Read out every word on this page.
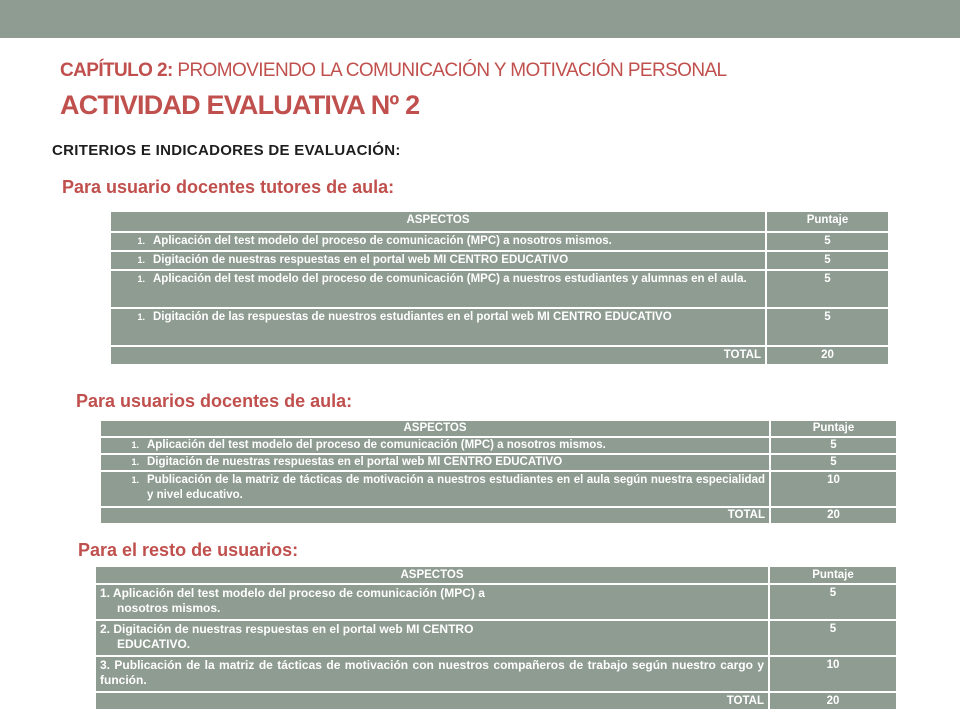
CAPÍTULO 2: PROMOVIENDO LA COMUNICACIÓN Y MOTIVACIÓN PERSONAL
ACTIVIDAD EVALUATIVA Nº 2
CRITERIOS E INDICADORES DE EVALUACIÓN:
Para usuario docentes tutores de aula:
ASPECTOS	Puntaje

1. Aplicación del test modelo del proceso de comunicación (MPC) a nosotros mismos.	5

1. Digitación de nuestras respuestas en el portal web MI CENTRO EDUCATIVO	5

1. Aplicación del test modelo del proceso de comunicación (MPC) a nuestros estudiantes y alumnas en el aula.	5

1. Digitación de las respuestas de nuestros estudiantes en el portal web MI CENTRO EDUCATIVO	5
TOTAL	20
Para usuarios docentes de aula:
ASPECTOS	Puntaje

1. Aplicación del test modelo del proceso de comunicación (MPC) a nosotros mismos.	5

1. Digitación de nuestras respuestas en el portal web MI CENTRO EDUCATIVO	5

1. Publicación de la matriz de tácticas de motivación a nuestros estudiantes en el aula según nuestra especialidad y nivel educativo.	10
TOTAL	20
Para el resto de usuarios:
ASPECTOS	Puntaje

1. Aplicación del test modelo del proceso de comunicación (MPC) a
nosotros mismos.	5

2. Digitación de nuestras respuestas en el portal web MI CENTRO
EDUCATIVO.	5
3. Publicación de la matriz de tácticas de motivación con nuestros compañeros de trabajo según nuestro cargo y función.	10
TOTAL	20
